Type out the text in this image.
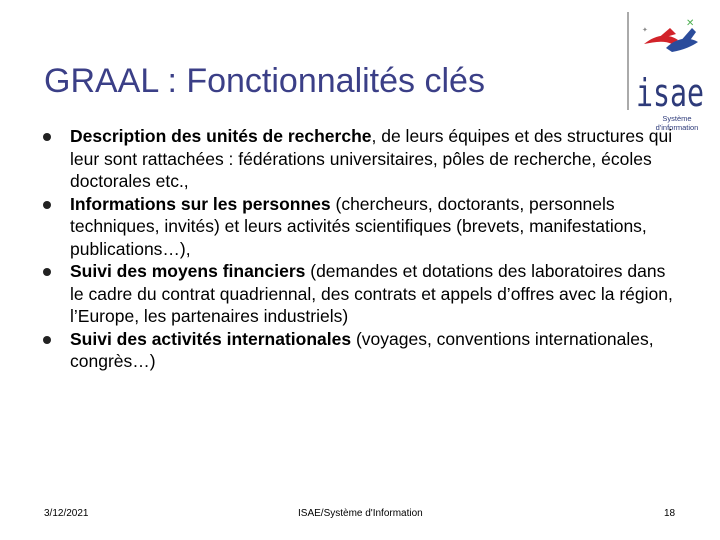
GRAAL : Fonctionnalités clés
✕
✦
isae
Système d'information
Description des unités de recherche, de leurs équipes et des structures qui leur sont rattachées : fédérations universitaires, pôles de recherche, écoles doctorales etc.,
Informations sur les personnes (chercheurs, doctorants, personnels techniques, invités) et leurs activités scientifiques (brevets, manifestations, publications…),
Suivi des moyens financiers (demandes et dotations des laboratoires dans le cadre du contrat quadriennal, des contrats et appels d’offres avec la région, l’Europe, les partenaires industriels)
Suivi des activités internationales (voyages, conventions internationales, congrès…)
3/12/2021	ISAE/Système d'Information	18
